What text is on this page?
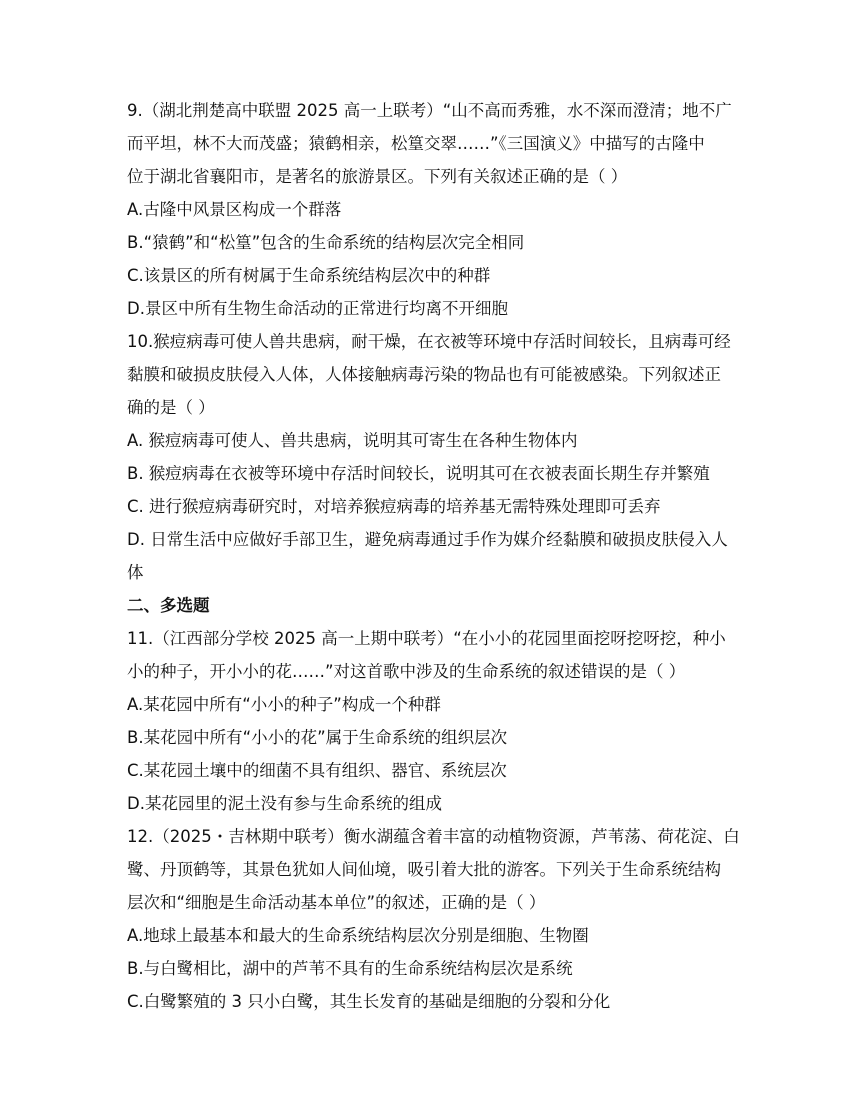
9.（湖北荆楚高中联盟 2025 高一上联考）“山不高而秀雅，水不深而澄清；地不广
而平坦，林不大而茂盛；猿鹤相亲，松篁交翠……”《三国演义》中描写的古隆中
位于湖北省襄阳市，是著名的旅游景区。下列有关叙述正确的是（ ）
A.古隆中风景区构成一个群落
B.“猿鹤”和“松篁”包含的生命系统的结构层次完全相同
C.该景区的所有树属于生命系统结构层次中的种群
D.景区中所有生物生命活动的正常进行均离不开细胞
10.猴痘病毒可使人兽共患病，耐干燥，在衣被等环境中存活时间较长，且病毒可经
黏膜和破损皮肤侵入人体，人体接触病毒污染的物品也有可能被感染。下列叙述正
确的是（ ）
A. 猴痘病毒可使人、兽共患病，说明其可寄生在各种生物体内
B. 猴痘病毒在衣被等环境中存活时间较长，说明其可在衣被表面长期生存并繁殖
C. 进行猴痘病毒研究时，对培养猴痘病毒的培养基无需特殊处理即可丢弃
D. 日常生活中应做好手部卫生，避免病毒通过手作为媒介经黏膜和破损皮肤侵入人
体
二、多选题
11.（江西部分学校 2025 高一上期中联考）“在小小的花园里面挖呀挖呀挖，种小
小的种子，开小小的花……”对这首歌中涉及的生命系统的叙述错误的是（ ）
A.某花园中所有“小小的种子”构成一个种群
B.某花园中所有“小小的花”属于生命系统的组织层次
C.某花园土壤中的细菌不具有组织、器官、系统层次
D.某花园里的泥土没有参与生命系统的组成
12.（2025・吉林期中联考）衡水湖蕴含着丰富的动植物资源，芦苇荡、荷花淀、白
鹭、丹顶鹤等，其景色犹如人间仙境，吸引着大批的游客。下列关于生命系统结构
层次和“细胞是生命活动基本单位”的叙述，正确的是（ ）
A.地球上最基本和最大的生命系统结构层次分别是细胞、生物圈
B.与白鹭相比，湖中的芦苇不具有的生命系统结构层次是系统
C.白鹭繁殖的 3 只小白鹭，其生长发育的基础是细胞的分裂和分化
